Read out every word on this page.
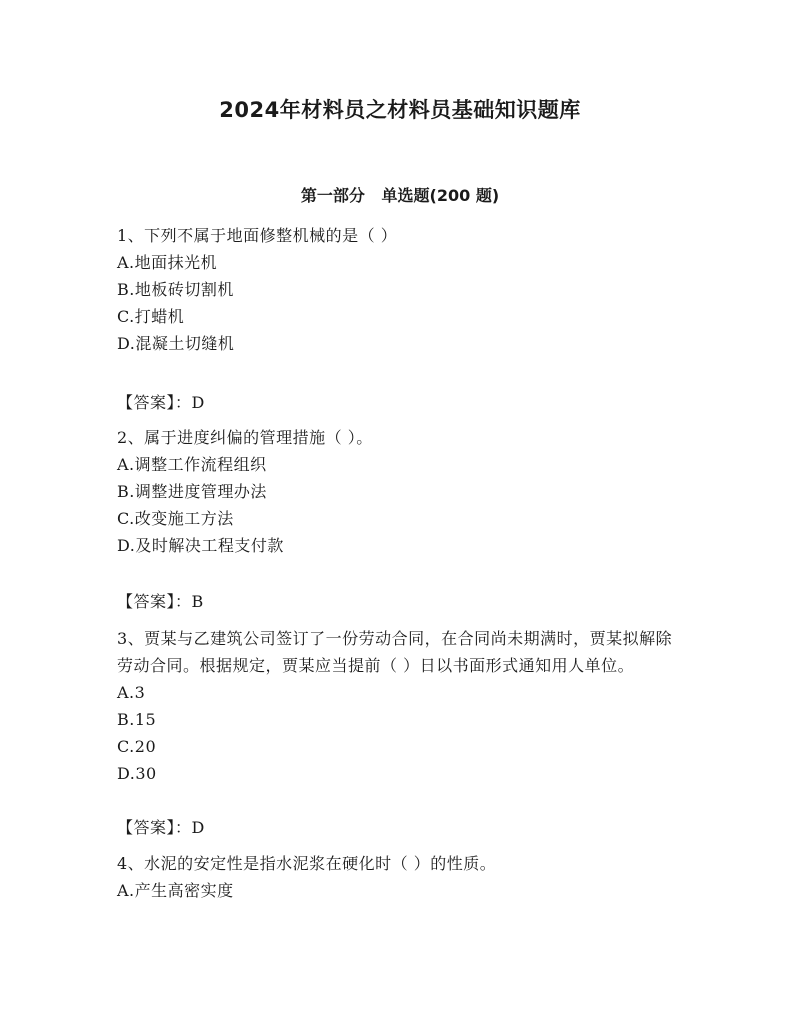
2024年材料员之材料员基础知识题库
第一部分   单选题(200 题)

1、下列不属于地面修整机械的是（ ）

A.地面抹光机

B.地板砖切割机

C.打蜡机

D.混凝土切缝机

【答案】：D

2、属于进度纠偏的管理措施（ ）。

A.调整工作流程组织

B.调整进度管理办法

C.改变施工方法

D.及时解决工程支付款

【答案】：B

3、贾某与乙建筑公司签订了一份劳动合同，在合同尚未期满时，贾某拟解除劳动合同。根据规定，贾某应当提前（ ）日以书面形式通知用人单位。

A.3

B.15

C.20

D.30

【答案】：D

4、水泥的安定性是指水泥浆在硬化时（ ）的性质。

A.产生高密实度
